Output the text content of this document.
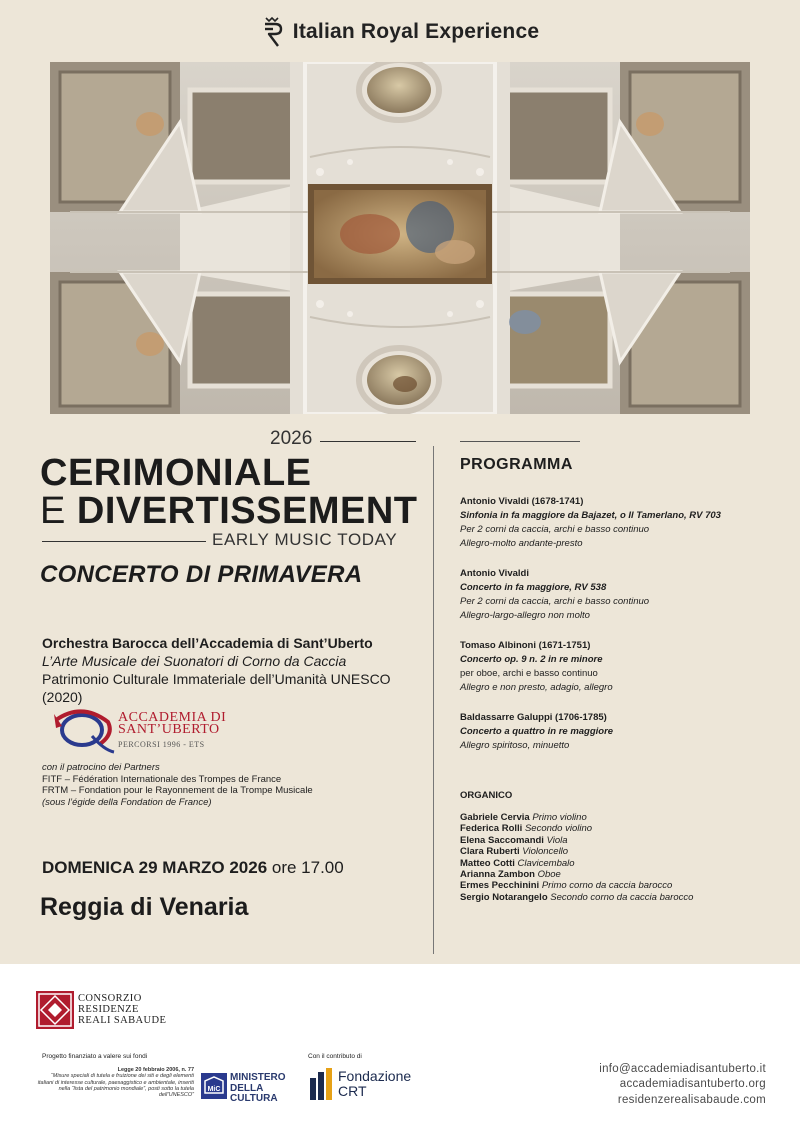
Italian Royal Experience
2026
CERIMONIALE
E DIVERTISSEMENT
EARLY MUSIC TODAY
CONCERTO DI PRIMAVERA
Orchestra Barocca dell’Accademia di Sant’Uberto
L’Arte Musicale dei Suonatori di Corno da Caccia
Patrimonio Culturale Immateriale dell’Umanità UNESCO (2020)
ACCADEMIA DI
SANT’UBERTO
PERCORSI 1996 - ETS
con il patrocino dei Partners
FITF – Fédération Internationale des Trompes de France
FRTM – Fondation pour le Rayonnement de la Trompe Musicale
(sous l’égide della Fondation de France)
DOMENICA 29 MARZO 2026 ore 17.00
Reggia di Venaria
PROGRAMMA
Antonio Vivaldi (1678-1741)
Sinfonia in fa maggiore da Bajazet, o Il Tamerlano, RV 703
Per 2 corni da caccia, archi e basso continuo
Allegro-molto andante-presto
Antonio Vivaldi
Concerto in fa maggiore, RV 538
Per 2 corni da caccia, archi e basso continuo
Allegro-largo-allegro non molto
Tomaso Albinoni (1671-1751)
Concerto op. 9 n. 2 in re minore
per oboe, archi e basso continuo
Allegro e non presto, adagio, allegro
Baldassarre Galuppi (1706-1785)
Concerto a quattro in re maggiore
Allegro spiritoso, minuetto
ORGANICO
Gabriele Cervia Primo violino
Federica Rolli Secondo violino
Elena Saccomandi Viola
Clara Ruberti Violoncello
Matteo Cotti Clavicembalo
Arianna Zambon Oboe
Ermes Pecchinini Primo corno da caccia barocco
Sergio Notarangelo Secondo corno da caccia barocco
CONSORZIO
RESIDENZE
REALI SABAUDE
Progetto finanziato a valere sui fondi
Legge 20 febbraio 2006, n. 77
“Misure speciali di tutela e fruizione dei siti e degli elementi italiani di interesse culturale, paesaggistico e ambientale, inseriti nella “lista del patrimonio mondiale”, posti sotto la tutela dell’UNESCO”
MiC
MINISTERO
DELLA
CULTURA
Con il contributo di
Fondazione
CRT
info@accademiadisantuberto.it
accademiadisantuberto.org
residenzerealisabaude.com
